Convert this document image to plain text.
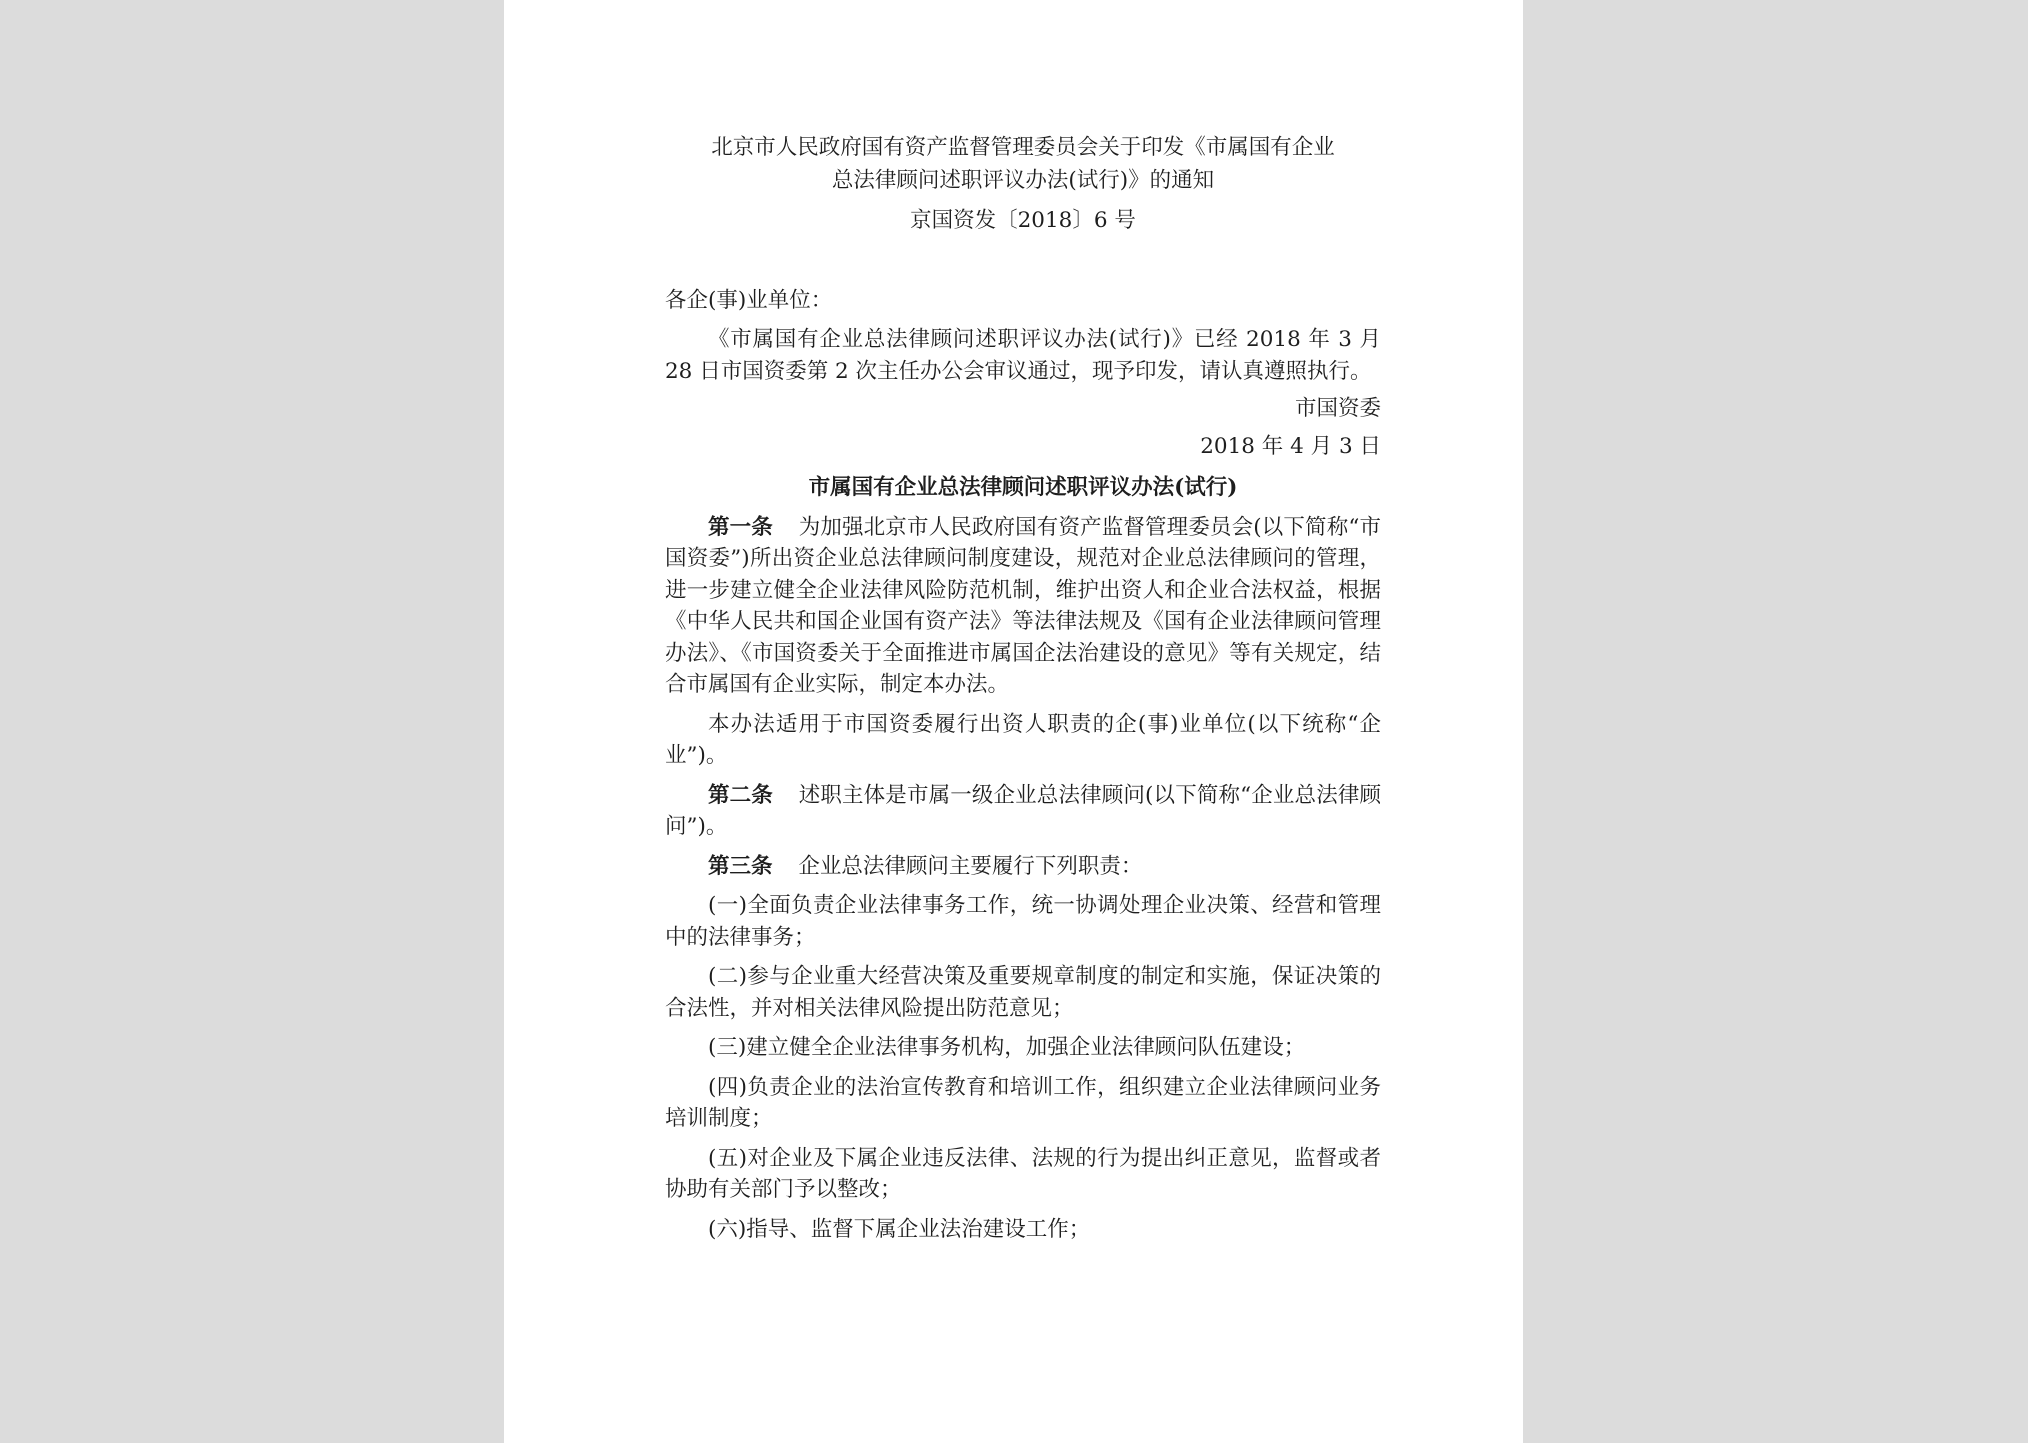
北京市人民政府国有资产监督管理委员会关于印发《市属国有企业
总法律顾问述职评议办法(试行)》的通知

京国资发〔2018〕6 号

各企(事)业单位：

《市属国有企业总法律顾问述职评议办法(试行)》已经 2018 年 3 月 28 日市国资委第 2 次主任办公会审议通过，现予印发，请认真遵照执行。

市国资委

2018 年 4 月 3 日

市属国有企业总法律顾问述职评议办法(试行)

第一条 为加强北京市人民政府国有资产监督管理委员会(以下简称“市国资委”)所出资企业总法律顾问制度建设，规范对企业总法律顾问的管理，进一步建立健全企业法律风险防范机制，维护出资人和企业合法权益，根据《中华人民共和国企业国有资产法》等法律法规及《国有企业法律顾问管理办法》、《市国资委关于全面推进市属国企法治建设的意见》等有关规定，结合市属国有企业实际，制定本办法。

本办法适用于市国资委履行出资人职责的企(事)业单位(以下统称“企业”)。

第二条 述职主体是市属一级企业总法律顾问(以下简称“企业总法律顾问”)。

第三条 企业总法律顾问主要履行下列职责：

(一)全面负责企业法律事务工作，统一协调处理企业决策、经营和管理中的法律事务；

(二)参与企业重大经营决策及重要规章制度的制定和实施，保证决策的合法性，并对相关法律风险提出防范意见；

(三)建立健全企业法律事务机构，加强企业法律顾问队伍建设；

(四)负责企业的法治宣传教育和培训工作，组织建立企业法律顾问业务培训制度；

(五)对企业及下属企业违反法律、法规的行为提出纠正意见，监督或者协助有关部门予以整改；

(六)指导、监督下属企业法治建设工作；
